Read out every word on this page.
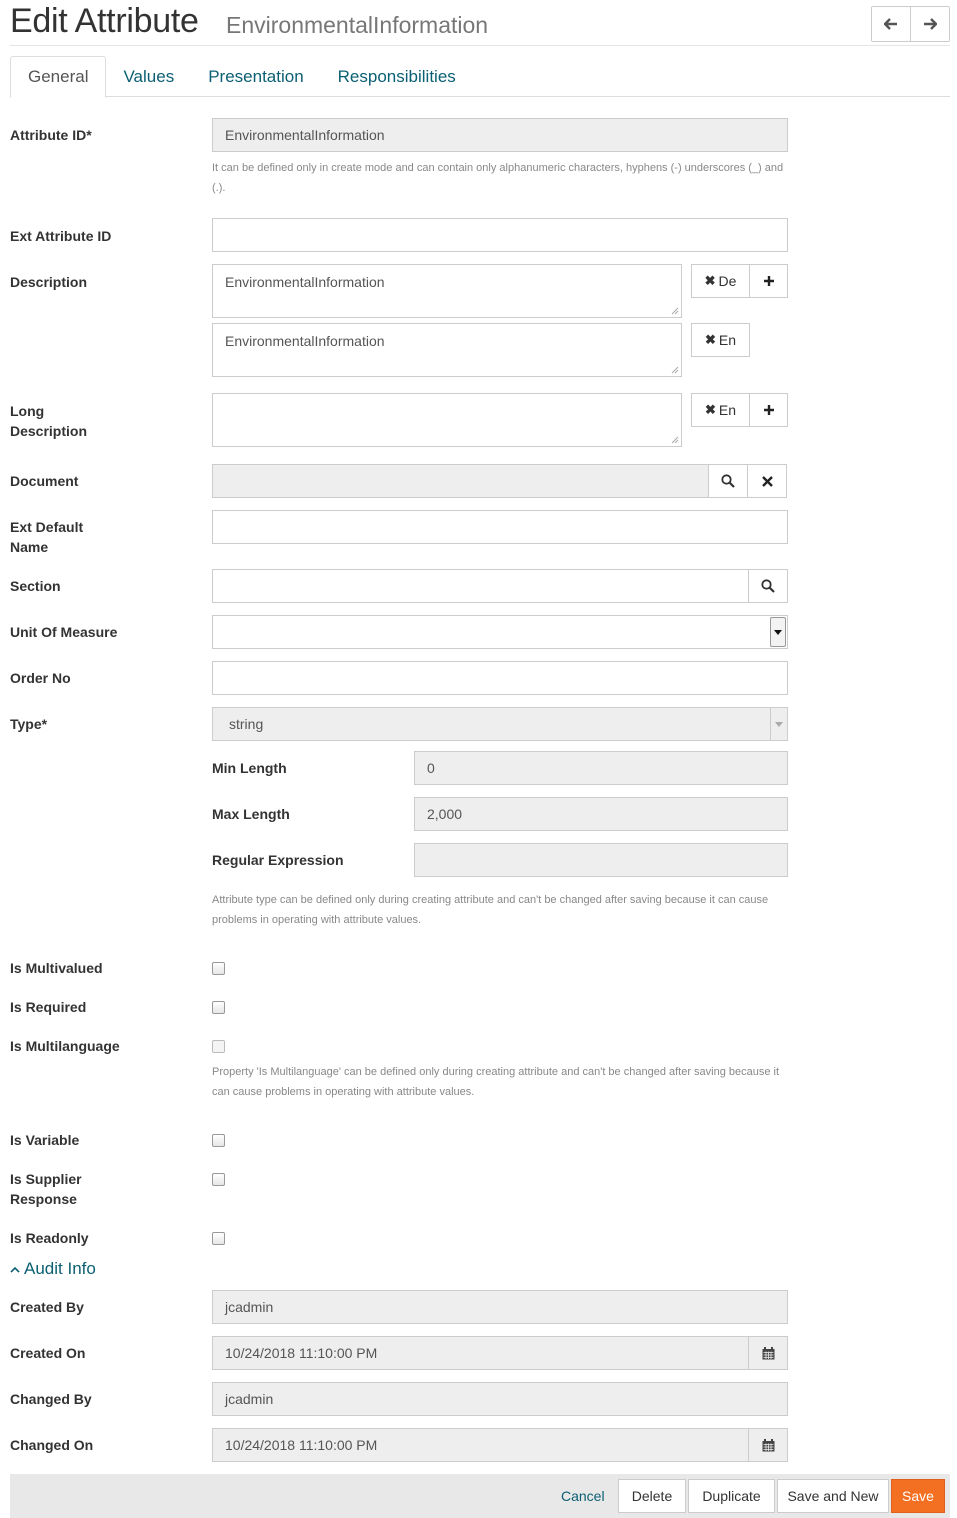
Edit Attribute EnvironmentalInformation
General	Values	Presentation	Responsibilities
Attribute ID*	EnvironmentalInformation
It can be defined only in create mode and can contain only alphanumeric characters, hyphens (-) underscores (_) and (.).
Ext Attribute ID
Description	EnvironmentalInformation	✖ De
EnvironmentalInformation	✖ En
Long
Description
✖ En
Document
Ext Default
Name
Section
Unit Of Measure
Order No
Type*	string
Min Length	0
Max Length	2,000
Regular Expression
Attribute type can be defined only during creating attribute and can't be changed after saving because it can cause problems in operating with attribute values.
Is Multivalued
Is Required
Is Multilanguage
Property 'Is Multilanguage' can be defined only during creating attribute and can't be changed after saving because it can cause problems in operating with attribute values.
Is Variable
Is Supplier
Response
Is Readonly
Audit Info
Created By	jcadmin
Created On	10/24/2018 11:10:00 PM
Changed By	jcadmin
Changed On	10/24/2018 11:10:00 PM
Cancel	Delete	Duplicate	Save and New	Save
